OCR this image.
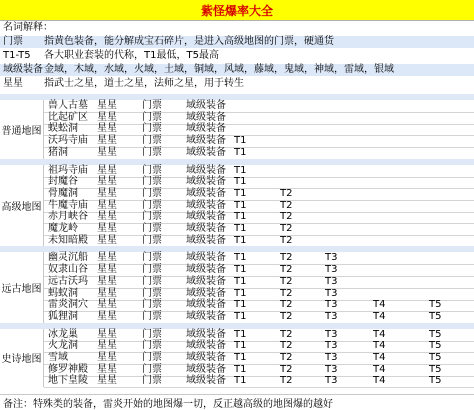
紫怪爆率大全
名词解释：
门票 指黄色装备，能分解成宝石碎片，是进入高级地图的门票，硬通货
T1-T5 各大职业套装的代称，T1最低，T5最高
域级装备 金域，木域，水域，火域，土域，铜域，风域，藤域，鬼域，神域，雷域，银域
星星 指武士之星，道士之星，法师之星，用于转生
普通地图
兽人古墓 星星	门票 域级装备
比起矿区 星星	门票 域级装备
蜈蚣洞 星星	门票 域级装备
沃玛寺庙 星星	门票 域级装备 T1
猪洞	星星	门票 域级装备 T1
高级地图
祖玛寺庙 星星	门票 域级装备 T1
封魔谷 星星	门票 域级装备 T1
骨魔洞 星星	门票 域级装备 T1	T2
牛魔寺庙 星星	门票 域级装备 T1	T2
赤月峡谷 星星	门票 域级装备 T1	T2
魔龙岭 星星	门票 域级装备 T1	T2
未知暗殿 星星	门票 域级装备 T1	T2
远古地图
幽灵沉船 星星	门票 域级装备 T1	T2	T3
奴隶山谷 星星	门票 域级装备 T1	T2	T3
远古沃玛 星星	门票 域级装备 T1	T2	T3
蚂蚁洞 星星	门票 域级装备 T1	T2	T3
雷炎洞穴 星星	门票 域级装备 T1	T2	T3	T4	T5
狐狸洞 星星	门票 域级装备 T1	T2	T3	T4	T5
史诗地图
冰龙巢 星星	门票 域级装备 T1	T2	T3	T4	T5
火龙洞 星星	门票 域级装备 T1	T2	T3	T4	T5
雪域	星星	门票 域级装备 T1	T2	T3	T4	T5
修罗神殿 星星	门票 域级装备 T1	T2	T3	T4	T5
地下皇陵 星星	门票 域级装备 T1	T2	T3	T4	T5
备注：特殊类的装备，雷炎开始的地图爆一切，反正越高级的地图爆的越好
